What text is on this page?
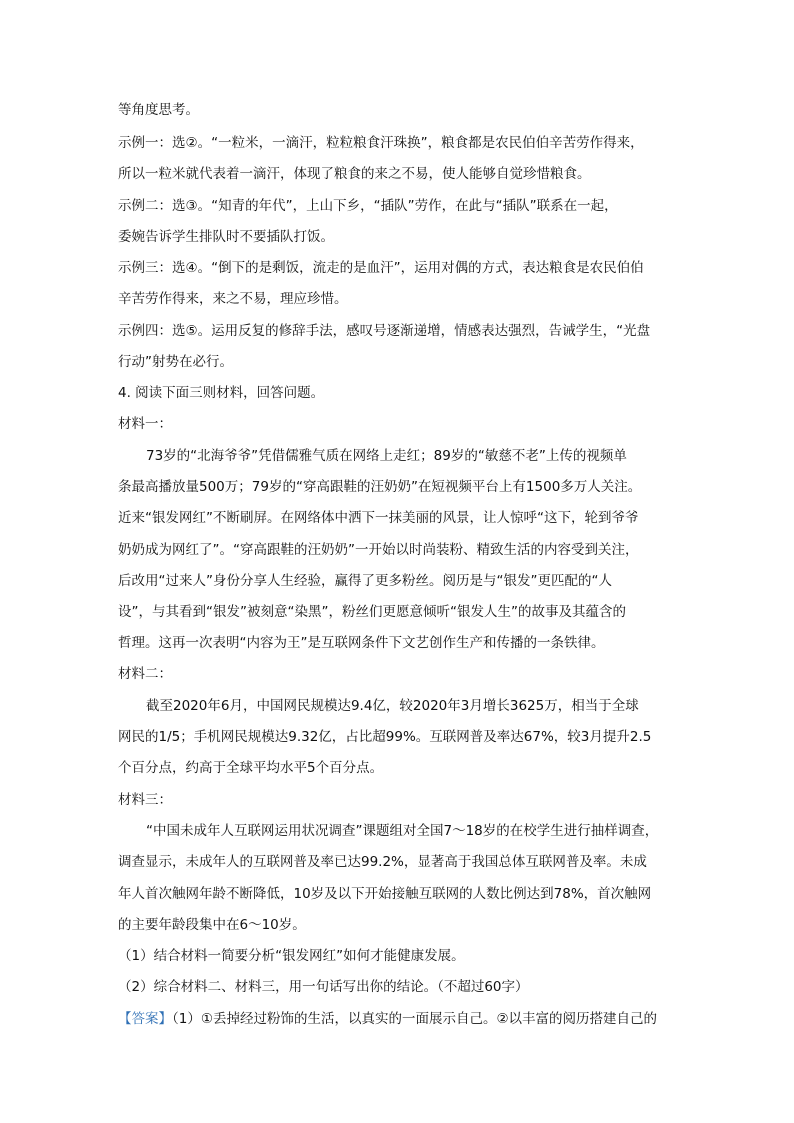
等角度思考。
示例一：选②。“一粒米，一滴汗，粒粒粮食汗珠换”，粮食都是农民伯伯辛苦劳作得来，
所以一粒米就代表着一滴汗，体现了粮食的来之不易，使人能够自觉珍惜粮食。
示例二：选③。“知青的年代”，上山下乡，“插队”劳作，在此与“插队”联系在一起，
委婉告诉学生排队时不要插队打饭。
示例三：选④。“倒下的是剩饭，流走的是血汗”，运用对偶的方式，表达粮食是农民伯伯
辛苦劳作得来，来之不易，理应珍惜。
示例四：选⑤。运用反复的修辞手法，感叹号逐渐递增，情感表达强烈，告诫学生，“光盘
行动”射势在必行。
4. 阅读下面三则材料，回答问题。
材料一：
73岁的“北海爷爷”凭借儒雅气质在网络上走红；89岁的“敏慈不老”上传的视频单
条最高播放量500万；79岁的“穿高跟鞋的汪奶奶”在短视频平台上有1500多万人关注。
近来“银发网红”不断刷屏。在网络体中洒下一抹美丽的风景，让人惊呼“这下，轮到爷爷
奶奶成为网红了”。“穿高跟鞋的汪奶奶”一开始以时尚装粉、精致生活的内容受到关注，
后改用“过来人”身份分享人生经验，赢得了更多粉丝。阅历是与“银发”更匹配的“人
设”，与其看到“银发”被刻意“染黑”，粉丝们更愿意倾听“银发人生”的故事及其蕴含的
哲理。这再一次表明“内容为王”是互联网条件下文艺创作生产和传播的一条铁律。
材料二：
截至2020年6月，中国网民规模达9.4亿，较2020年3月增长3625万，相当于全球
网民的1/5；手机网民规模达9.32亿，占比超99%。互联网普及率达67%，较3月提升2.5
个百分点，约高于全球平均水平5个百分点。
材料三：
“中国未成年人互联网运用状况调查”课题组对全国7～18岁的在校学生进行抽样调查，
调查显示，未成年人的互联网普及率已达99.2%，显著高于我国总体互联网普及率。未成
年人首次触网年龄不断降低，10岁及以下开始接触互联网的人数比例达到78%，首次触网
的主要年龄段集中在6～10岁。
（1）结合材料一简要分析“银发网红”如何才能健康发展。
（2）综合材料二、材料三，用一句话写出你的结论。（不超过60字）
【答案】（1）①丢掉经过粉饰的生活，以真实的一面展示自己。②以丰富的阅历搭建自己的
